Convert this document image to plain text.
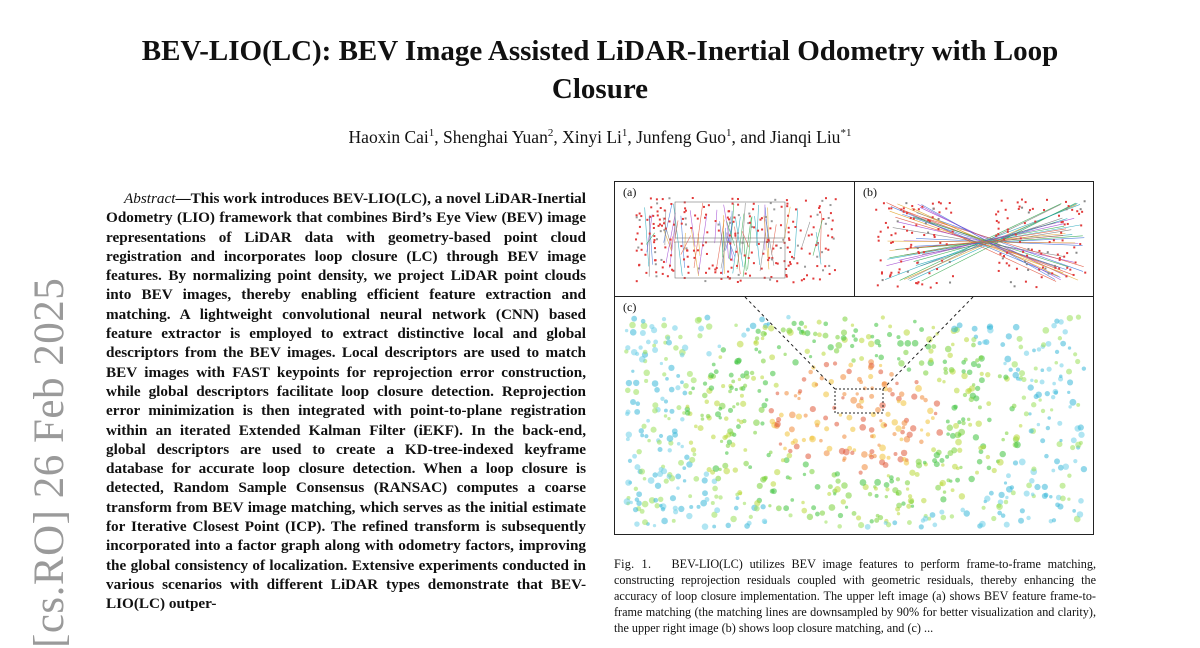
BEV-LIO(LC): BEV Image Assisted LiDAR-Inertial Odometry with Loop Closure
Haoxin Cai$^1$, Shenghai Yuan$^2$, Xinyi Li$^1$, Junfeng Guo$^1$, and Jianqi Liu$^{*1}$
[cs.RO] 26 Feb 2025
Abstract—This work introduces BEV-LIO(LC), a novel LiDAR-Inertial Odometry (LIO) framework that combines Bird’s Eye View (BEV) image representations of LiDAR data with geometry-based point cloud registration and incorporates loop closure (LC) through BEV image features. By normalizing point density, we project LiDAR point clouds into BEV images, thereby enabling efficient feature extraction and matching. A lightweight convolutional neural network (CNN) based feature extractor is employed to extract distinctive local and global descriptors from the BEV images. Local descriptors are used to match BEV images with FAST keypoints for reprojection error construction, while global descriptors facilitate loop closure detection. Reprojection error minimization is then integrated with point-to-plane registration within an iterated Extended Kalman Filter (iEKF). In the back-end, global descriptors are used to create a KD-tree-indexed keyframe database for accurate loop closure detection. When a loop closure is detected, Random Sample Consensus (RANSAC) computes a coarse transform from BEV image matching, which serves as the initial estimate for Iterative Closest Point (ICP). The refined transform is subsequently incorporated into a factor graph along with odometry factors, improving the global consistency of localization. Extensive experiments conducted in various scenarios with different LiDAR types demonstrate that BEV-LIO(LC) outper-
(a)	(b)
(c)
Fig. 1. BEV-LIO(LC) utilizes BEV image features to perform frame-to-frame matching, constructing reprojection residuals coupled with geometric residuals, thereby enhancing the accuracy of loop closure implementation. The upper left image (a) shows BEV feature frame-to-frame matching (the matching lines are downsampled by 90% for better visualization and clarity), the upper right image (b) shows loop closure matching, and (c) ...
